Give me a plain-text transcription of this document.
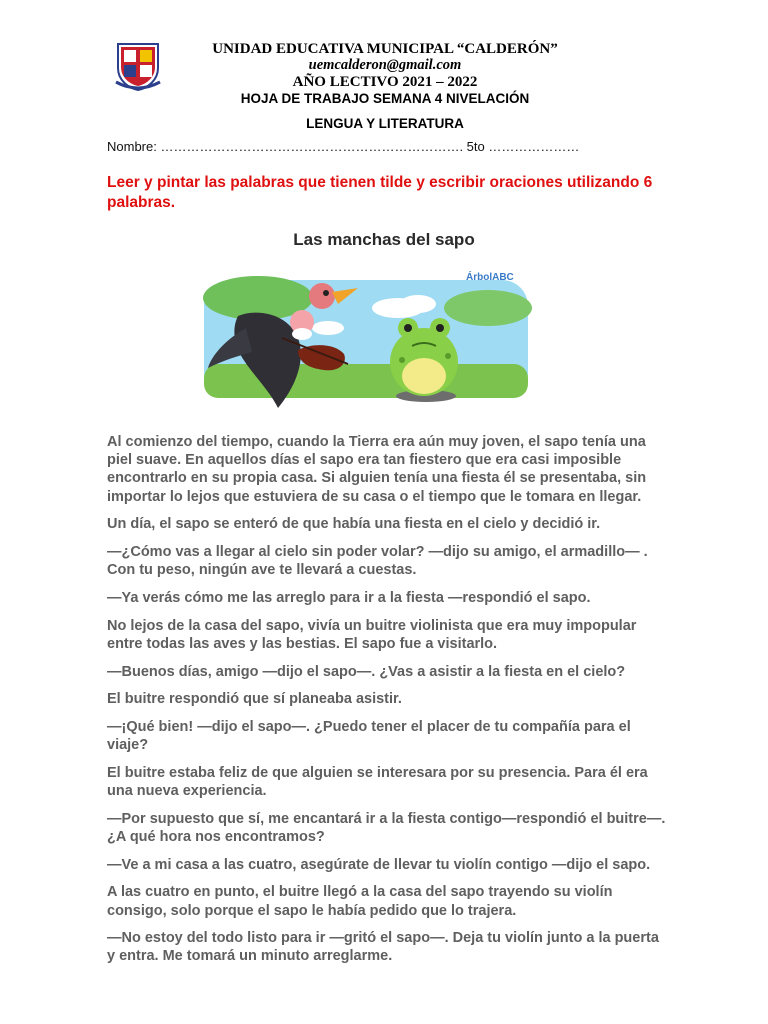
UNIDAD EDUCATIVA MUNICIPAL “CALDERÓN”
uemcalderon@gmail.com
AÑO LECTIVO 2021 – 2022
HOJA DE TRABAJO SEMANA 4 NIVELACIÓN
LENGUA Y LITERATURA
Nombre: ……………………………………………………………. 5to …………………
Leer y pintar las palabras que tienen tilde y escribir oraciones utilizando 6 palabras.
Las manchas del sapo
ÁrbolABC

Al comienzo del tiempo, cuando la Tierra era aún muy joven, el sapo tenía una piel suave. En aquellos días el sapo era tan fiestero que era casi imposible encontrarlo en su propia casa. Si alguien tenía una fiesta él se presentaba, sin importar lo lejos que estuviera de su casa o el tiempo que le tomara en llegar.

Un día, el sapo se enteró de que había una fiesta en el cielo y decidió ir.

—¿Cómo vas a llegar al cielo sin poder volar? —dijo su amigo, el armadillo— . Con tu peso, ningún ave te llevará a cuestas.

—Ya verás cómo me las arreglo para ir a la fiesta —respondió el sapo.

No lejos de la casa del sapo, vivía un buitre violinista que era muy impopular entre todas las aves y las bestias. El sapo fue a visitarlo.

—Buenos días, amigo —dijo el sapo—. ¿Vas a asistir a la fiesta en el cielo?

El buitre respondió que sí planeaba asistir.

—¡Qué bien! —dijo el sapo—. ¿Puedo tener el placer de tu compañía para el viaje?

El buitre estaba feliz de que alguien se interesara por su presencia. Para él era una nueva experiencia.

—Por supuesto que sí, me encantará ir a la fiesta contigo—respondió el buitre—. ¿A qué hora nos encontramos?

—Ve a mi casa a las cuatro, asegúrate de llevar tu violín contigo —dijo el sapo.

A las cuatro en punto, el buitre llegó a la casa del sapo trayendo su violín consigo, solo porque el sapo le había pedido que lo trajera.

—No estoy del todo listo para ir —gritó el sapo—. Deja tu violín junto a la puerta y entra. Me tomará un minuto arreglarme.
